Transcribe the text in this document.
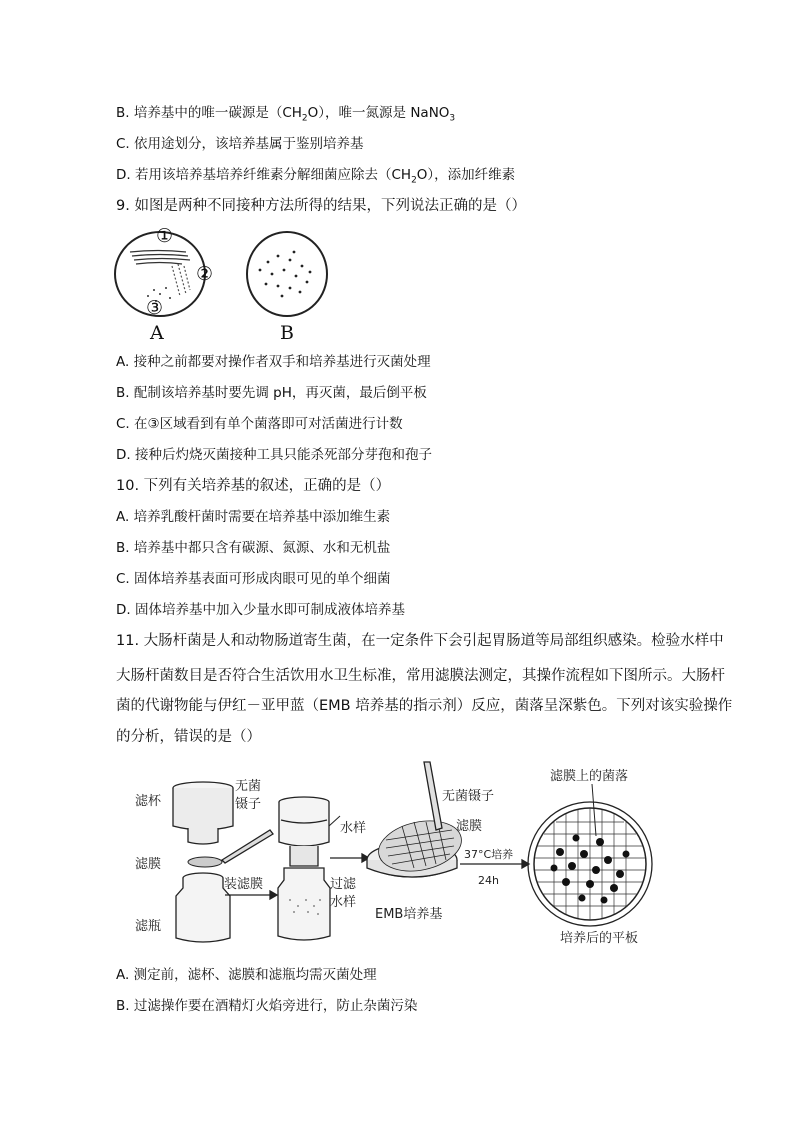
B. 培养基中的唯一碳源是$(CH_2O)$，唯一氮源是 NaNO$_3$
C. 依用途划分，该培养基属于鉴别培养基
D. 若用该培养基培养纤维素分解细菌应除去$(CH_2O)$，添加纤维素
9. 如图是两种不同接种方法所得的结果，下列说法正确的是（）
①
②
③
A	B
A. 接种之前都要对操作者双手和培养基进行灭菌处理
B. 配制该培养基时要先调 pH，再灭菌，最后倒平板
C. 在③区域看到有单个菌落即可对活菌进行计数
D. 接种后灼烧灭菌接种工具只能杀死部分芽孢和孢子
10. 下列有关培养基的叙述，正确的是（）
A. 培养乳酸杆菌时需要在培养基中添加维生素
B. 培养基中都只含有碳源、氮源、水和无机盐
C. 固体培养基表面可形成肉眼可见的单个细菌
D. 固体培养基中加入少量水即可制成液体培养基
11. 大肠杆菌是人和动物肠道寄生菌，在一定条件下会引起胃肠道等局部组织感染。检验水样中
大肠杆菌数目是否符合生活饮用水卫生标准，常用滤膜法测定，其操作流程如下图所示。大肠杆
菌的代谢物能与伊红－亚甲蓝（EMB 培养基的指示剂）反应，菌落呈深紫色。下列对该实验操作
的分析，错误的是（）
滤杯
无菌
镊子
滤膜
滤瓶
装滤膜
水样
过滤
水样
无菌镊子
滤膜
EMB培养基
37°C培养
24h
滤膜上的菌落
培养后的平板
A. 测定前，滤杯、滤膜和滤瓶均需灭菌处理
B. 过滤操作要在酒精灯火焰旁进行，防止杂菌污染
